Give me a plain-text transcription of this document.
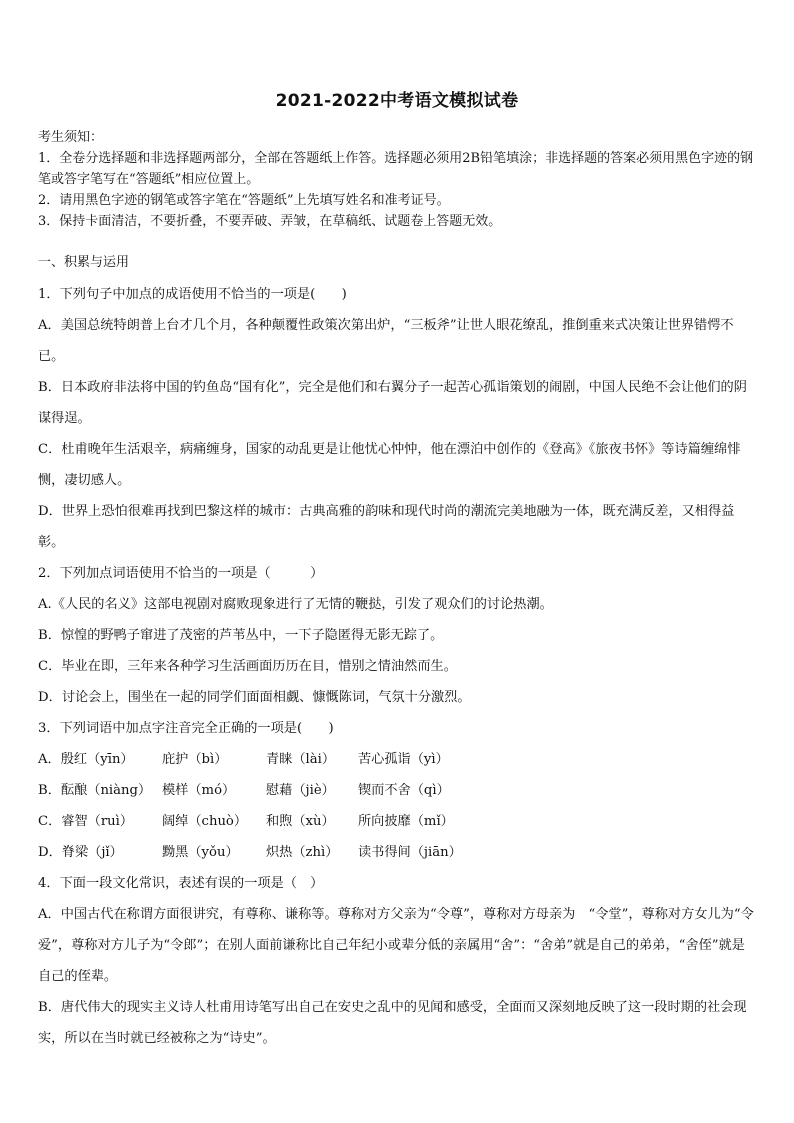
2021-2022中考语文模拟试卷

考生须知：

1．全卷分选择题和非选择题两部分，全部在答题纸上作答。选择题必须用2B铅笔填涂；非选择题的答案必须用黑色字迹的钢笔或答字笔写在“答题纸”相应位置上。

2．请用黑色字迹的钢笔或答字笔在“答题纸”上先填写姓名和准考证号。

3．保持卡面清洁，不要折叠，不要弄破、弄皱，在草稿纸、试题卷上答题无效。

一、积累与运用

1．下列句子中加点的成语使用不恰当的一项是(　　)

A．美国总统特朗普上台才几个月，各种颠覆性政策次第出炉，“三板斧”让世人眼花缭乱，推倒重来式决策让世界错愕不已。

B．日本政府非法将中国的钓鱼岛“国有化”，完全是他们和右翼分子一起苦心孤诣策划的闹剧，中国人民绝不会让他们的阴谋得逞。

C．杜甫晚年生活艰辛，病痛缠身，国家的动乱更是让他忧心忡忡，他在漂泊中创作的《登高》《旅夜书怀》等诗篇缠绵悱恻，凄切感人。

D．世界上恐怕很难再找到巴黎这样的城市：古典高雅的韵味和现代时尚的潮流完美地融为一体，既充满反差，又相得益彰。

2．下列加点词语使用不恰当的一项是（　　　）

A.《人民的名义》这部电视剧对腐败现象进行了无情的鞭挞，引发了观众们的讨论热潮。

B．惊惶的野鸭子窜进了茂密的芦苇丛中，一下子隐匿得无影无踪了。

C．毕业在即，三年来各种学习生活画面历历在目，惜别之情油然而生。

D．讨论会上，围坐在一起的同学们面面相觑、慷慨陈词，气氛十分激烈。

3．下列词语中加点字注音完全正确的一项是(　　)

A．殷红（yīn）	庇护（bì）	青睐（lài）	苦心孤诣（yì）
B．酝酿（niàng） 模样（mó）	慰藉（jiè）	锲而不舍（qì）
C．睿智（ruì）	阔绰（chuò）	和煦（xù）	所向披靡（mǐ）
D．脊梁（jǐ）	黝黑（yǒu）	炽热（zhì）	读书得间（jiān）

4．下面一段文化常识，表述有误的一项是（　）

A．中国古代在称谓方面很讲究，有尊称、谦称等。尊称对方父亲为“令尊”，尊称对方母亲为　“令堂”，尊称对方女儿为“令爱”，尊称对方儿子为“令郎”；在别人面前谦称比自己年纪小或辈分低的亲属用“舍”：“舍弟”就是自己的弟弟，“舍侄”就是自己的侄辈。

B．唐代伟大的现实主义诗人杜甫用诗笔写出自己在安史之乱中的见闻和感受，全面而又深刻地反映了这一段时期的社会现实，所以在当时就已经被称之为“诗史”。
